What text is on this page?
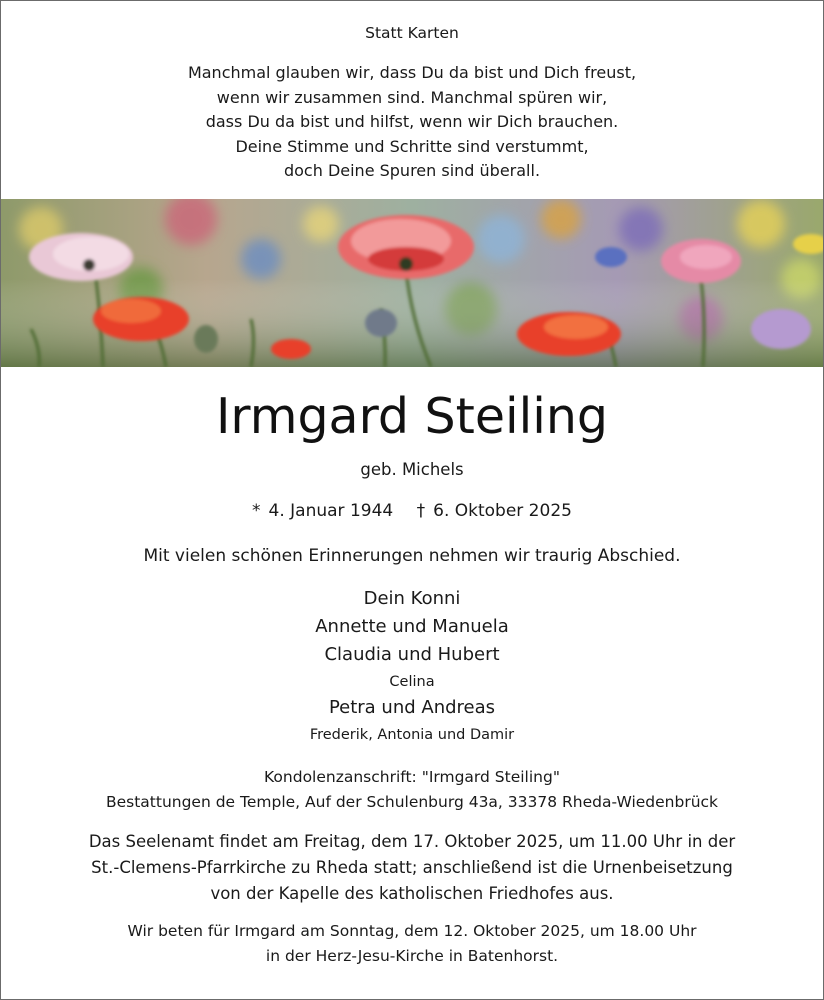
Statt Karten
Manchmal glauben wir, dass Du da bist und Dich freust,
wenn wir zusammen sind. Manchmal spüren wir,
dass Du da bist und hilfst, wenn wir Dich brauchen.
Deine Stimme und Schritte sind verstummt,
doch Deine Spuren sind überall.
Irmgard Steiling
geb. Michels
* 4. Januar 1944 † 6. Oktober 2025
Mit vielen schönen Erinnerungen nehmen wir traurig Abschied.
Dein Konni
Annette und Manuela
Claudia und Hubert
Celina
Petra und Andreas
Frederik, Antonia und Damir
Kondolenzanschrift: "Irmgard Steiling"
Bestattungen de Temple, Auf der Schulenburg 43a, 33378 Rheda-Wiedenbrück
Das Seelenamt findet am Freitag, dem 17. Oktober 2025, um 11.00 Uhr in der
St.-Clemens-Pfarrkirche zu Rheda statt; anschließend ist die Urnenbeisetzung
von der Kapelle des katholischen Friedhofes aus.
Wir beten für Irmgard am Sonntag, dem 12. Oktober 2025, um 18.00 Uhr
in der Herz-Jesu-Kirche in Batenhorst.
